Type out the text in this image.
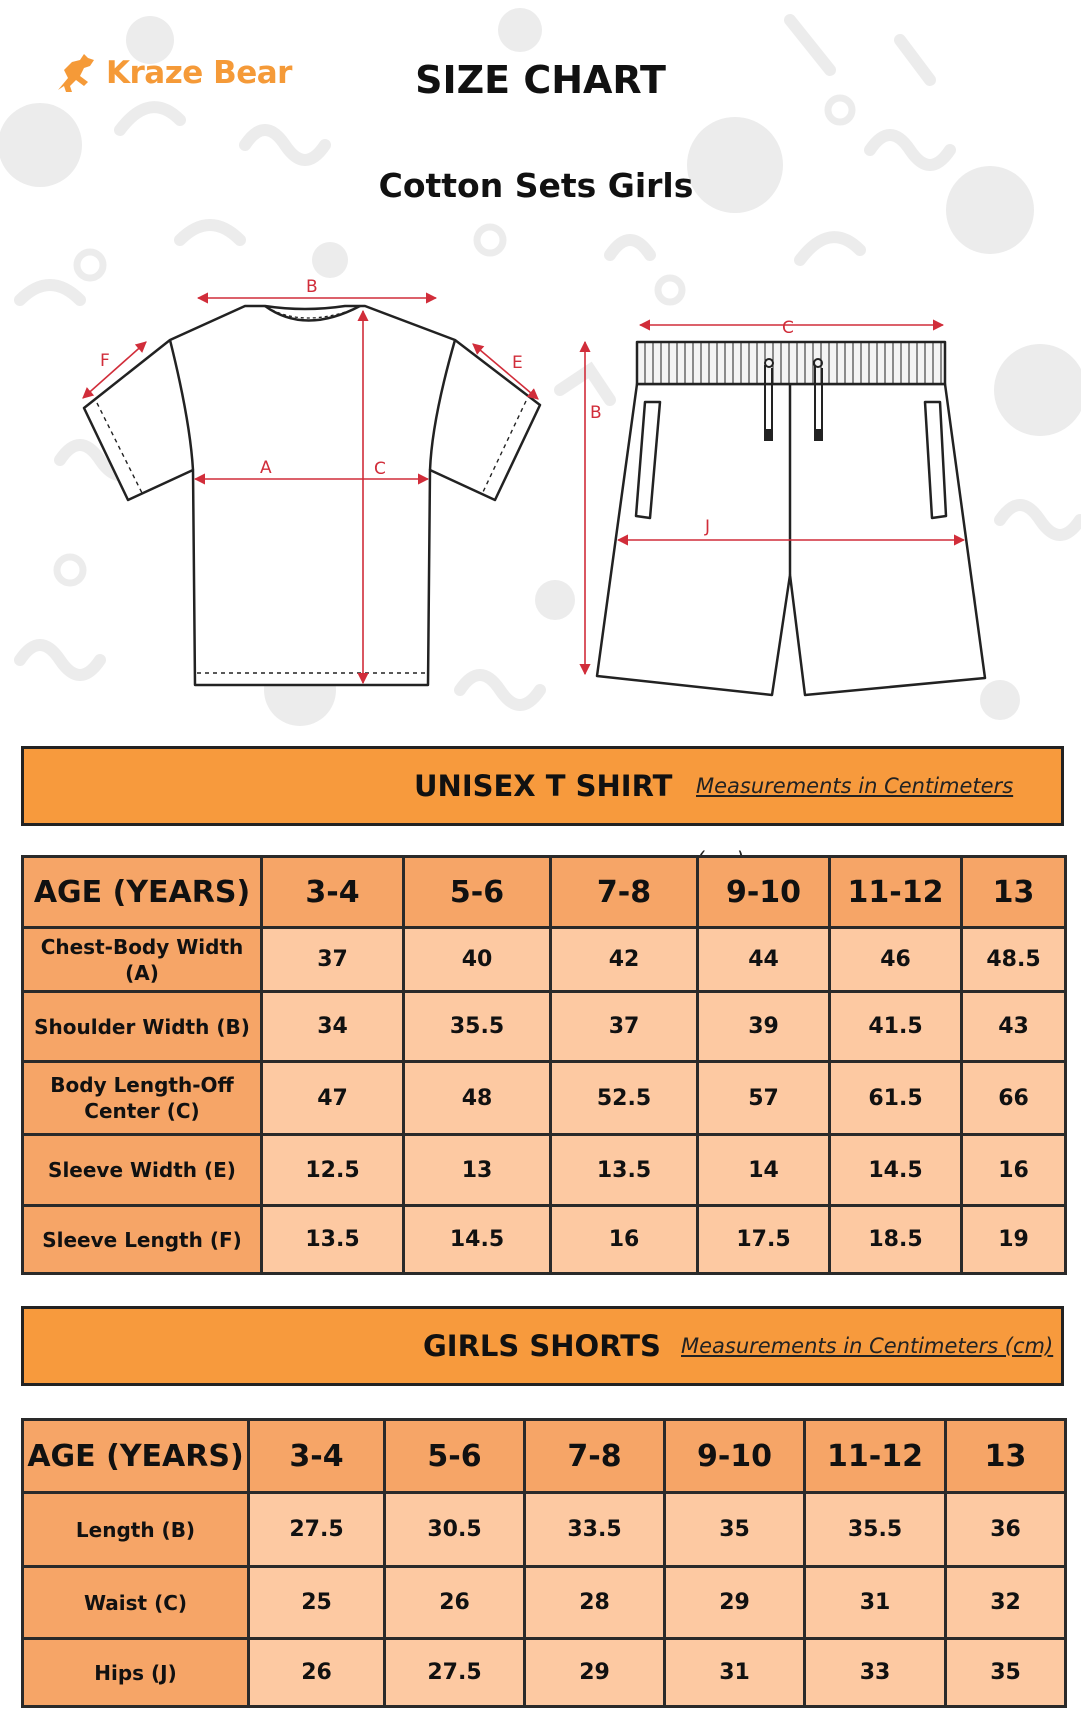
Kraze Bear	SIZE CHART
Cotton Sets Girls
B
F	E
A	C
C
B
J
UNISEX T SHIRT Measurements in Centimeters
AGE (YEARS)	3-4	5-6	7-8	9-10	11-12	13
Chest-Body Width (A)	37	40	42	44	46	48.5
Shoulder Width (B)	34	35.5	37	39	41.5	43
Body Length-Off Center (C)	47	48	52.5	57	61.5	66
Sleeve Width (E)	12.5	13	13.5	14	14.5	16
Sleeve Length (F)	13.5	14.5	16	17.5	18.5	19
GIRLS SHORTS Measurements in Centimeters (cm)
AGE (YEARS)	3-4	5-6	7-8	9-10	11-12	13
Length (B)	27.5	30.5	33.5	35	35.5	36
Waist (C)	25	26	28	29	31	32
Hips (J)	26	27.5	29	31	33	35
